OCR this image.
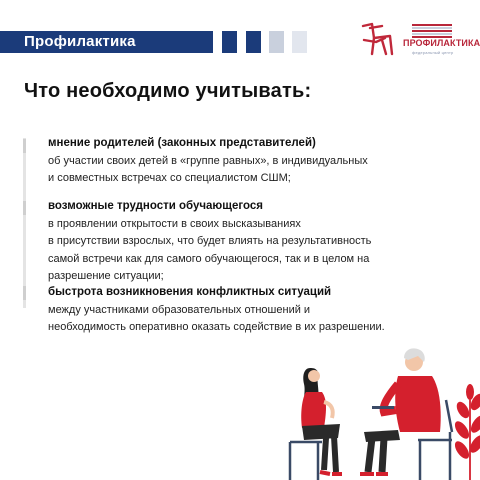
Профилактика	ПРОФИЛАКТИКА
федеральный центр
Что необходимо учитывать:
мнение родителей (законных представителей)
об участии своих детей в «группе равных», в индивидуальных
и совместных встречах со специалистом СШМ;
возможные трудности обучающегося
в проявлении открытости в своих высказываниях
в присутствии взрослых, что будет влиять на результативность
самой встречи как для самого обучающегося, так и в целом на
разрешение ситуации;
быстрота возникновения конфликтных ситуаций
между участниками образовательных отношений и
необходимость оперативно оказать содействие в их разрешении.
